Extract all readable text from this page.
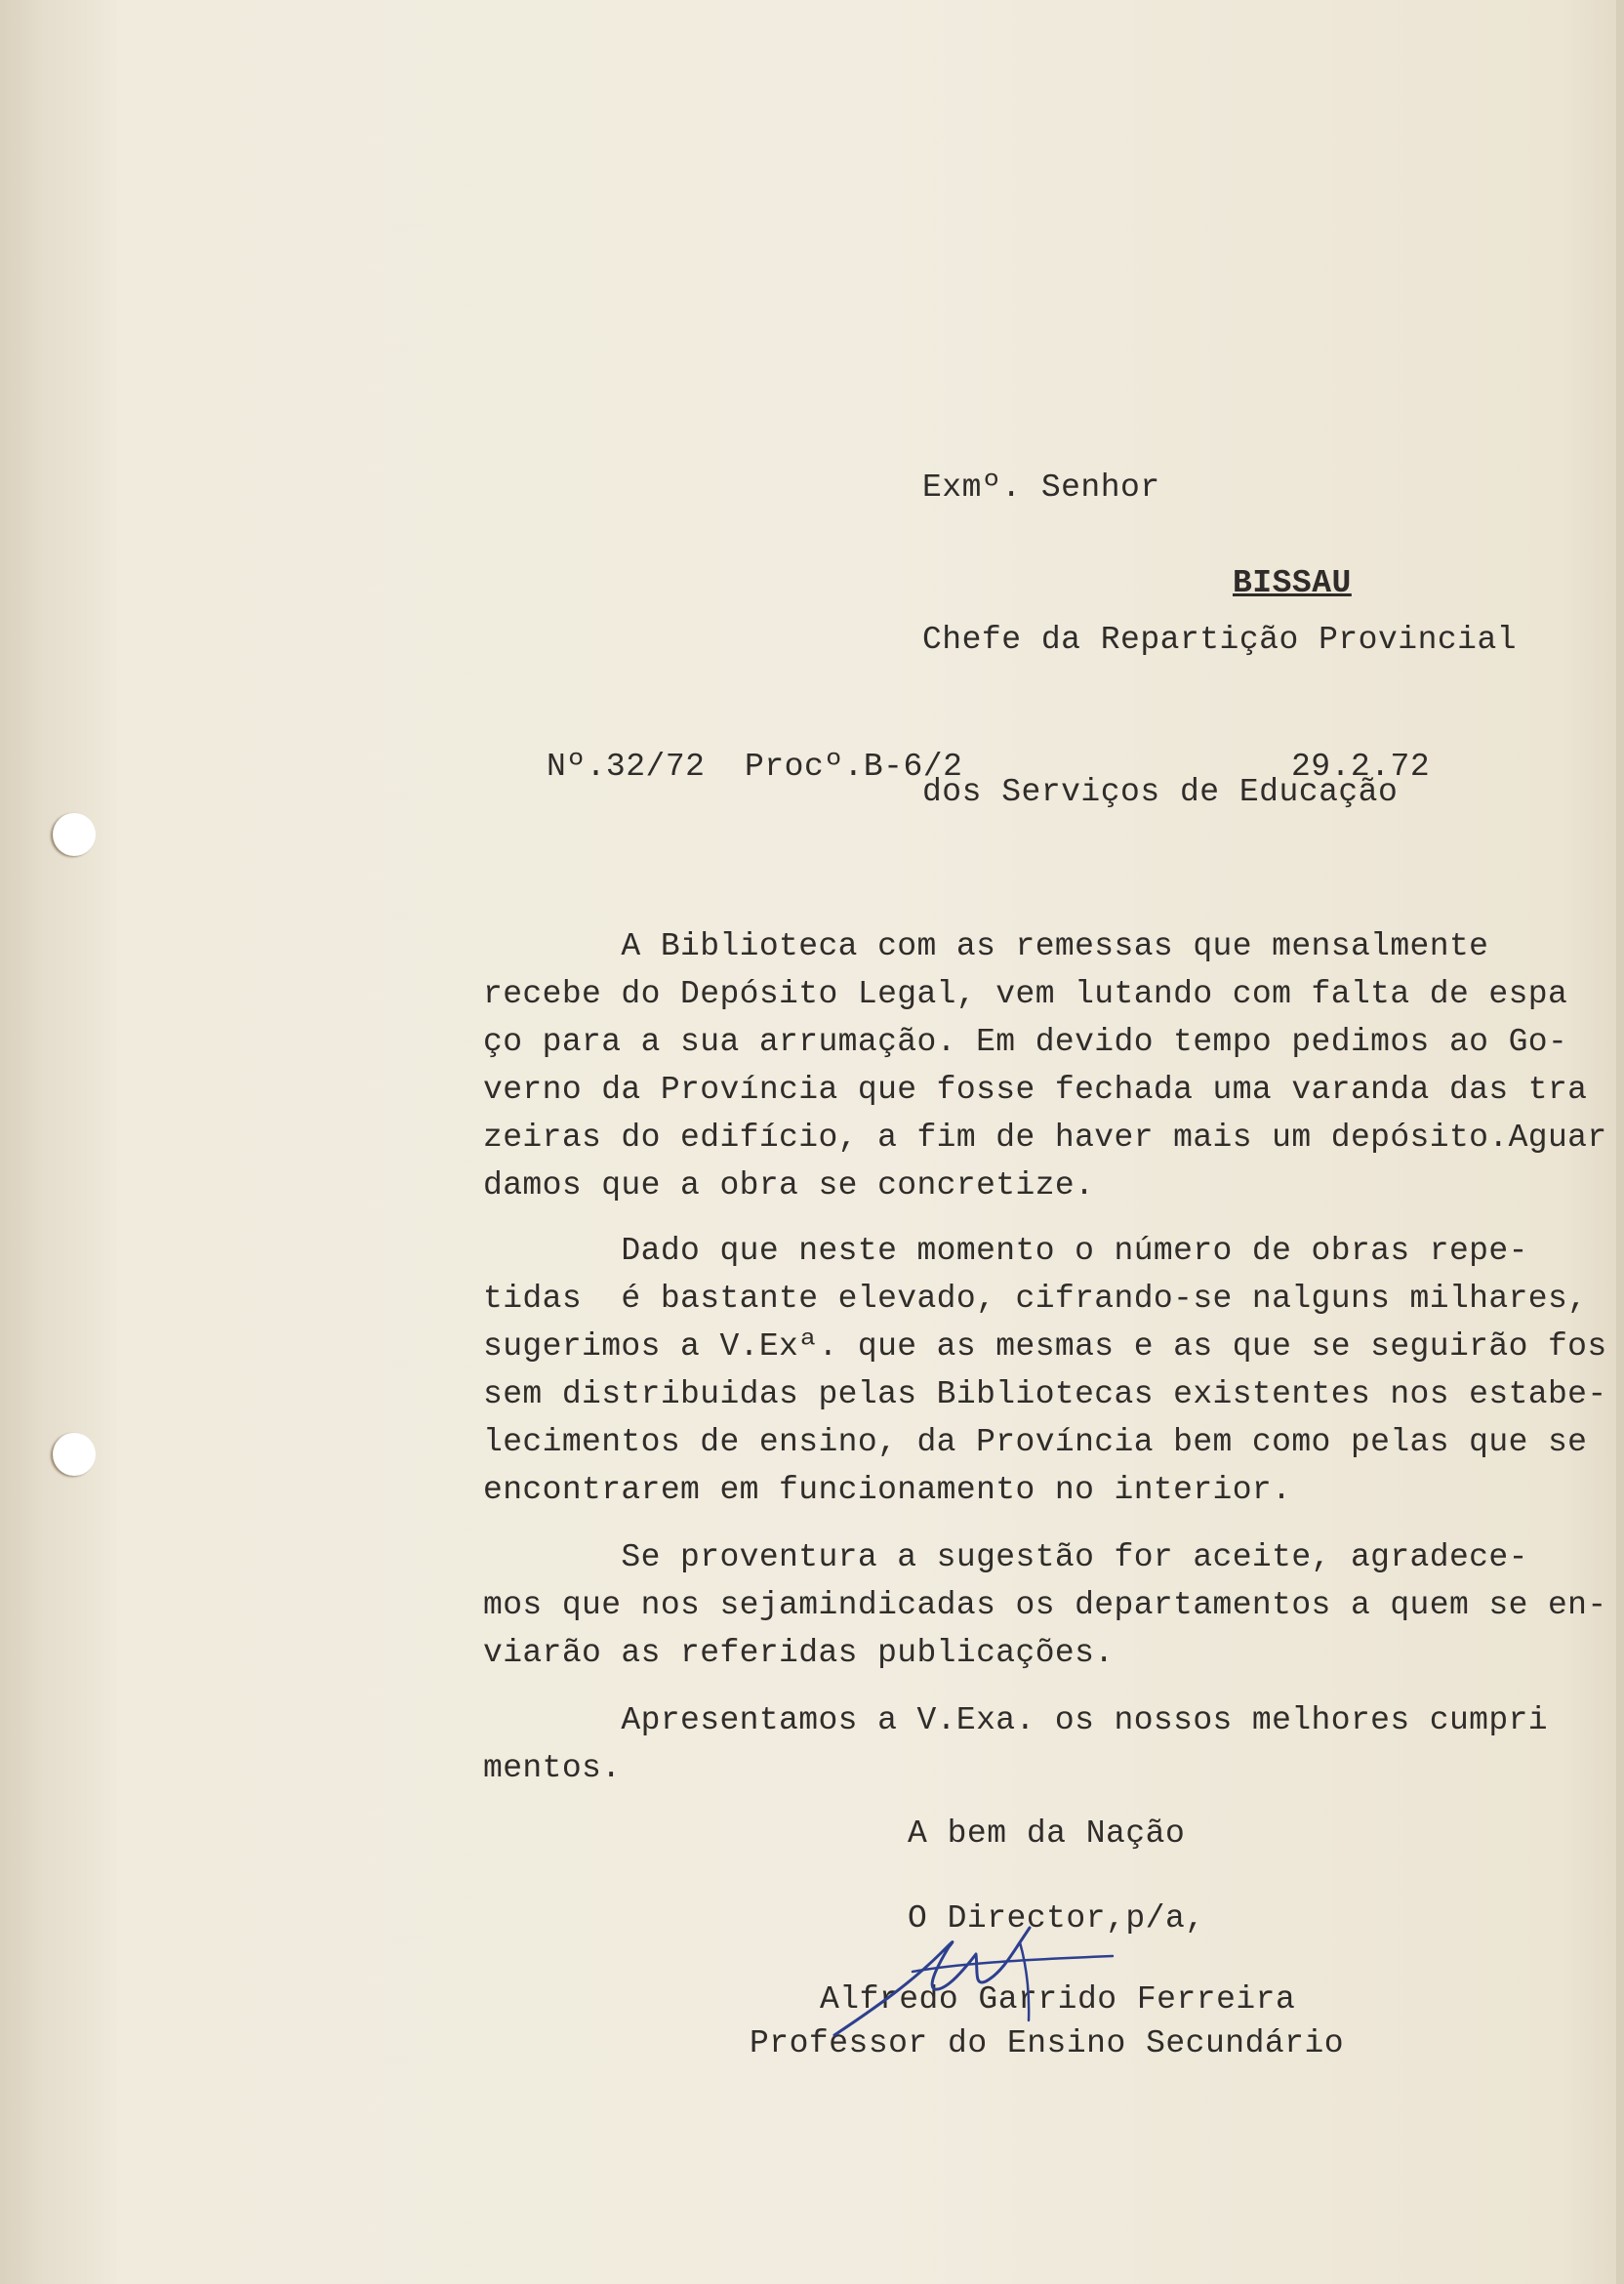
Exmº. Senhor

Chefe da Repartição Provincial

dos Serviços de Educação

BISSAU
Nº.32/72  Procº.B-6/2	29.2.72
A Biblioteca com as remessas que mensalmente
recebe do Depósito Legal, vem lutando com falta de espa
ço para a sua arrumação. Em devido tempo pedimos ao Go-
verno da Província que fosse fechada uma varanda das tra
zeiras do edifício, a fim de haver mais um depósito.Aguar
damos que a obra se concretize.
Dado que neste momento o número de obras repe-
tidas  é bastante elevado, cifrando-se nalguns milhares,
sugerimos a V.Exª. que as mesmas e as que se seguirão fos
sem distribuidas pelas Bibliotecas existentes nos estabe-
lecimentos de ensino, da Província bem como pelas que se
encontrarem em funcionamento no interior.
Se proventura a sugestão for aceite, agradece-
mos que nos sejamindicadas os departamentos a quem se en-
viarão as referidas publicações.
Apresentamos a V.Exa. os nossos melhores cumpri
mentos.
A bem da Nação
O Director,p/a,
Alfredo Garrido Ferreira
Professor do Ensino Secundário
